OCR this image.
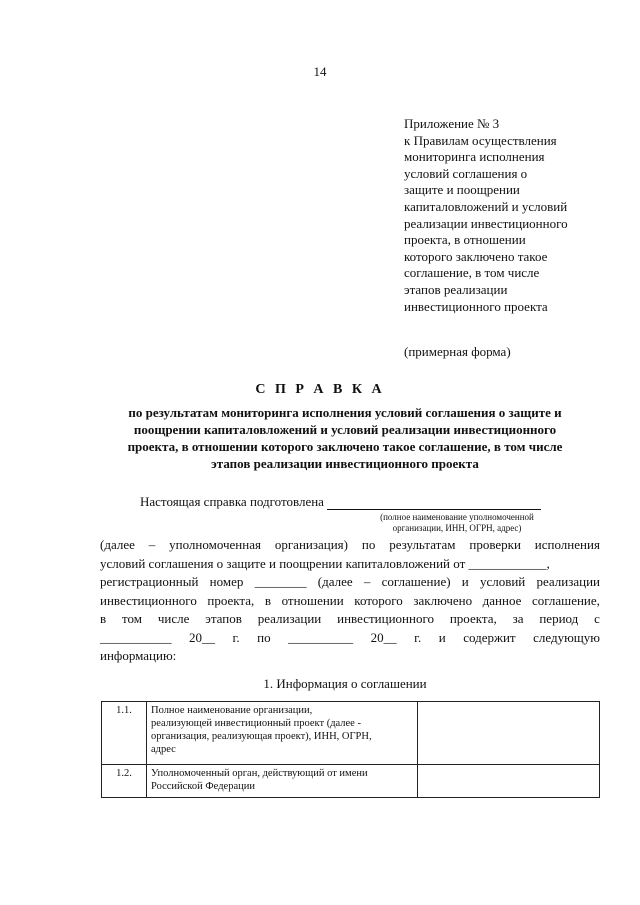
14
Приложение № 3
к Правилам осуществления
мониторинга исполнения
условий соглашения о
защите и поощрении
капиталовложений и условий
реализации инвестиционного
проекта, в отношении
которого заключено такое
соглашение, в том числе
этапов реализации
инвестиционного проекта
(примерная форма)
С П Р А В К А
по результатам мониторинга исполнения условий соглашения о защите и
поощрении капиталовложений и условий реализации инвестиционного
проекта, в отношении которого заключено такое соглашение, в том числе
этапов реализации инвестиционного проекта
Настоящая справка подготовлена
(полное наименование уполномоченной
организации, ИНН, ОГРН, адрес)
(далее – уполномоченная организация) по результатам проверки исполнения
условий соглашения о защите и поощрении капиталовложений от ____________,
регистрационный номер ________ (далее – соглашение) и условий реализации
инвестиционного проекта, в отношении которого заключено данное соглашение,
в том числе этапов реализации инвестиционного проекта, за период с
___________ 20__ г. по __________ 20__ г. и содержит следующую
информацию:
1. Информация о соглашении
1.1.	Полное наименование организации,
реализующей инвестиционный проект (далее -
организация, реализующая проект), ИНН, ОГРН,
адрес	

1.2.	Уполномоченный орган, действующий от имени
Российской Федерации	
